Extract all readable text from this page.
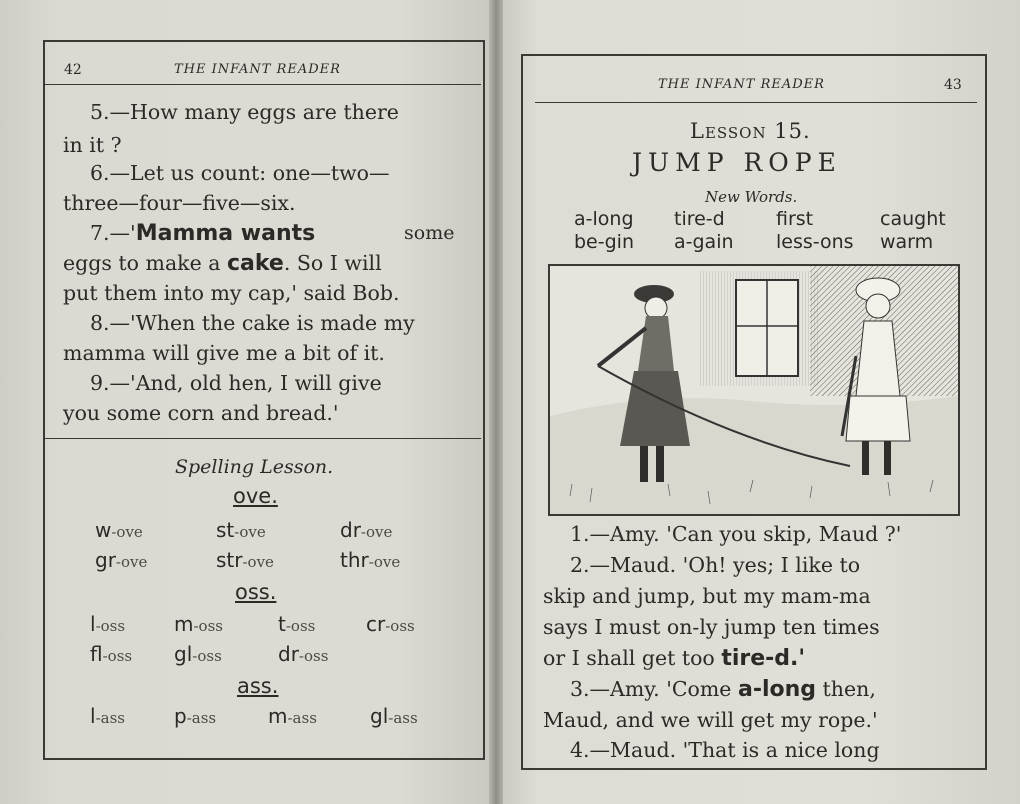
42	THE INFANT READER
5.—How many eggs are there
in it ?
6.—Let us count: one—two—
three—four—five—six.
7.—'Mamma wants	some
eggs to make a cake. So I will
put them into my cap,' said Bob.
8.—'When the cake is made my
mamma will give me a bit of it.
9.—'And, old hen, I will give
you some corn and bread.'
Spelling Lesson.
ove.
w-ove	st-ove	dr-ove
gr-ove	str-ove	thr-ove
oss.
l-oss m-oss	t-oss	cr-oss
fl-oss gl-oss	dr-oss
ass.
l-ass p-ass	m-ass	gl-ass
THE INFANT READER	43
Lesson 15.
JUMP ROPE
New Words.
a-long tire-d	first	caught
be-gin a-gain less-ons warm
1.—Amy. 'Can you skip, Maud ?'
2.—Maud. 'Oh! yes; I like to
skip and jump, but my mam-ma
says I must on-ly jump ten times
or I shall get too tire-d.'
3.—Amy. 'Come a-long then,
Maud, and we will get my rope.'
4.—Maud. 'That is a nice long
